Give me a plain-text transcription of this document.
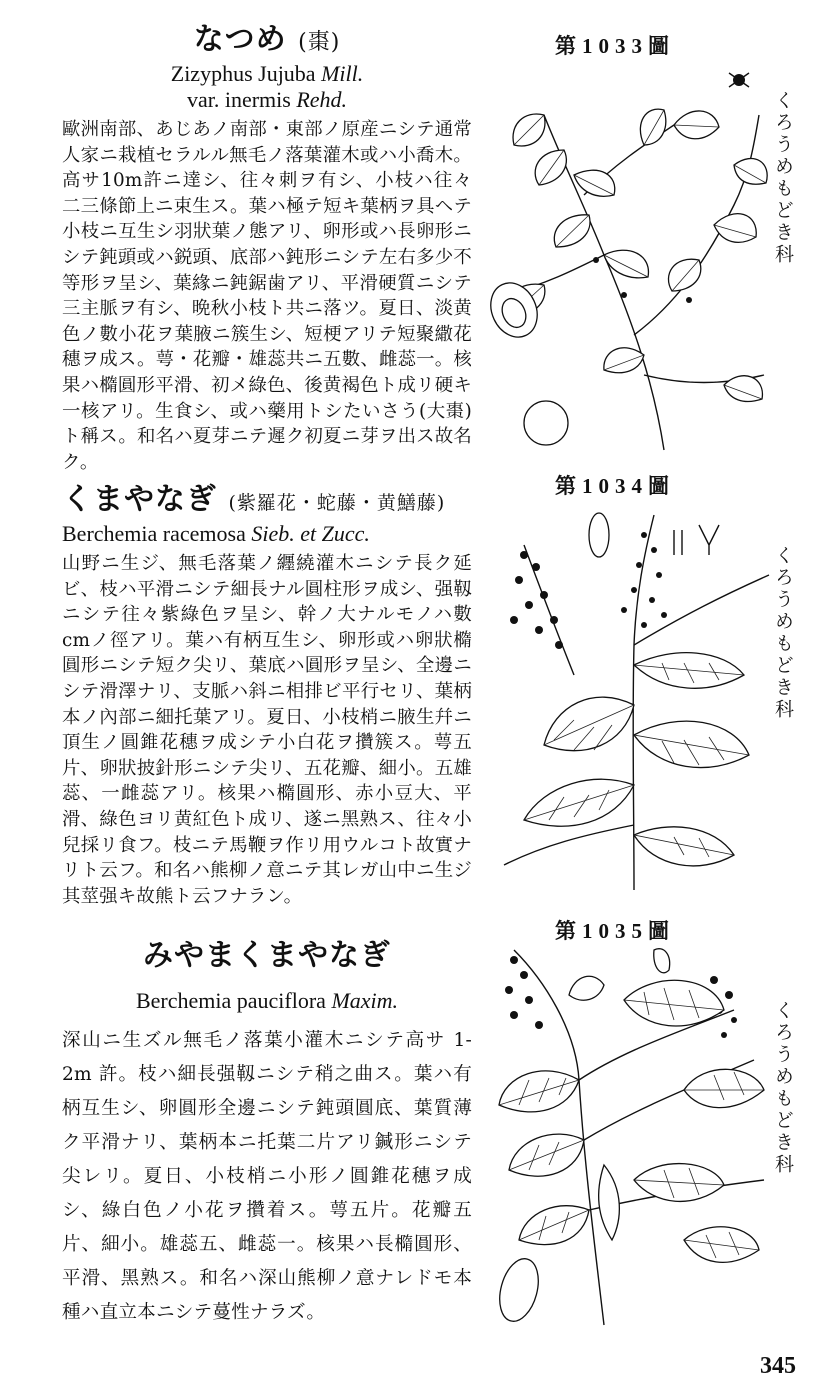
なつめ (棗)
Zizyphus Jujuba Mill.
var. inermis Rehd.
歐洲南部、あじあノ南部・東部ノ原産ニシテ通常人家ニ栽植セラルル無毛ノ落葉灌木或ハ小喬木。高サ10m許ニ達シ、往々刺ヲ有シ、小枝ハ往々二三條節上ニ束生ス。葉ハ極テ短キ葉柄ヲ具ヘテ小枝ニ互生シ羽狀葉ノ態アリ、卵形或ハ長卵形ニシテ鈍頭或ハ鋭頭、底部ハ鈍形ニシテ左右多少不等形ヲ呈シ、葉緣ニ鈍鋸歯アリ、平滑硬質ニシテ三主脈ヲ有シ、晩秋小枝ト共ニ落ツ。夏日、淡黄色ノ數小花ヲ葉腋ニ簇生シ、短梗アリテ短聚繖花穗ヲ成ス。萼・花瓣・雄蕊共ニ五數、雌蕊一。核果ハ橢圓形平滑、初メ綠色、後黄褐色ト成リ硬キ一核アリ。生食シ、或ハ藥用トシたいさう(大棗)ト稱ス。和名ハ夏芽ニテ遲ク初夏ニ芽ヲ出ス故名ク。
くまやなぎ (紫羅花・蛇藤・黄鱔藤)
Berchemia racemosa Sieb. et Zucc.
山野ニ生ジ、無毛落葉ノ纒繞灌木ニシテ長ク延ビ、枝ハ平滑ニシテ細長ナル圓柱形ヲ成シ、强靱ニシテ往々紫綠色ヲ呈シ、幹ノ大ナルモノハ數cmノ徑アリ。葉ハ有柄互生シ、卵形或ハ卵狀橢圓形ニシテ短ク尖リ、葉底ハ圓形ヲ呈シ、全邊ニシテ滑澤ナリ、支脈ハ斜ニ相排ビ平行セリ、葉柄本ノ內部ニ細托葉アリ。夏日、小枝梢ニ腋生幷ニ頂生ノ圓錐花穗ヲ成シテ小白花ヲ攢簇ス。萼五片、卵狀披針形ニシテ尖リ、五花瓣、細小。五雄蕊、一雌蕊アリ。核果ハ橢圓形、赤小豆大、平滑、綠色ヨリ黄紅色ト成リ、遂ニ黑熟ス、往々小兒採リ食フ。枝ニテ馬鞭ヲ作リ用ウルコト故實ナリト云フ。和名ハ熊柳ノ意ニテ其レガ山中ニ生ジ其莖强キ故熊ト云フナラン。
みやまくまやなぎ
Berchemia pauciflora Maxim.
深山ニ生ズル無毛ノ落葉小灌木ニシテ高サ 1-2m 許。枝ハ細長强靱ニシテ稍之曲ス。葉ハ有柄互生シ、卵圓形全邊ニシテ鈍頭圓底、葉質薄ク平滑ナリ、葉柄本ニ托葉二片アリ鍼形ニシテ尖レリ。夏日、小枝梢ニ小形ノ圓錐花穗ヲ成シ、綠白色ノ小花ヲ攢着ス。萼五片。花瓣五片、細小。雄蕊五、雌蕊一。核果ハ長橢圓形、平滑、黑熟ス。和名ハ深山熊柳ノ意ナレドモ本種ハ直立本ニシテ蔓性ナラズ。
第1033圖
第1034圖
第1035圖
くろうめもどき科
くろうめもどき科
くろうめもどき科
345
